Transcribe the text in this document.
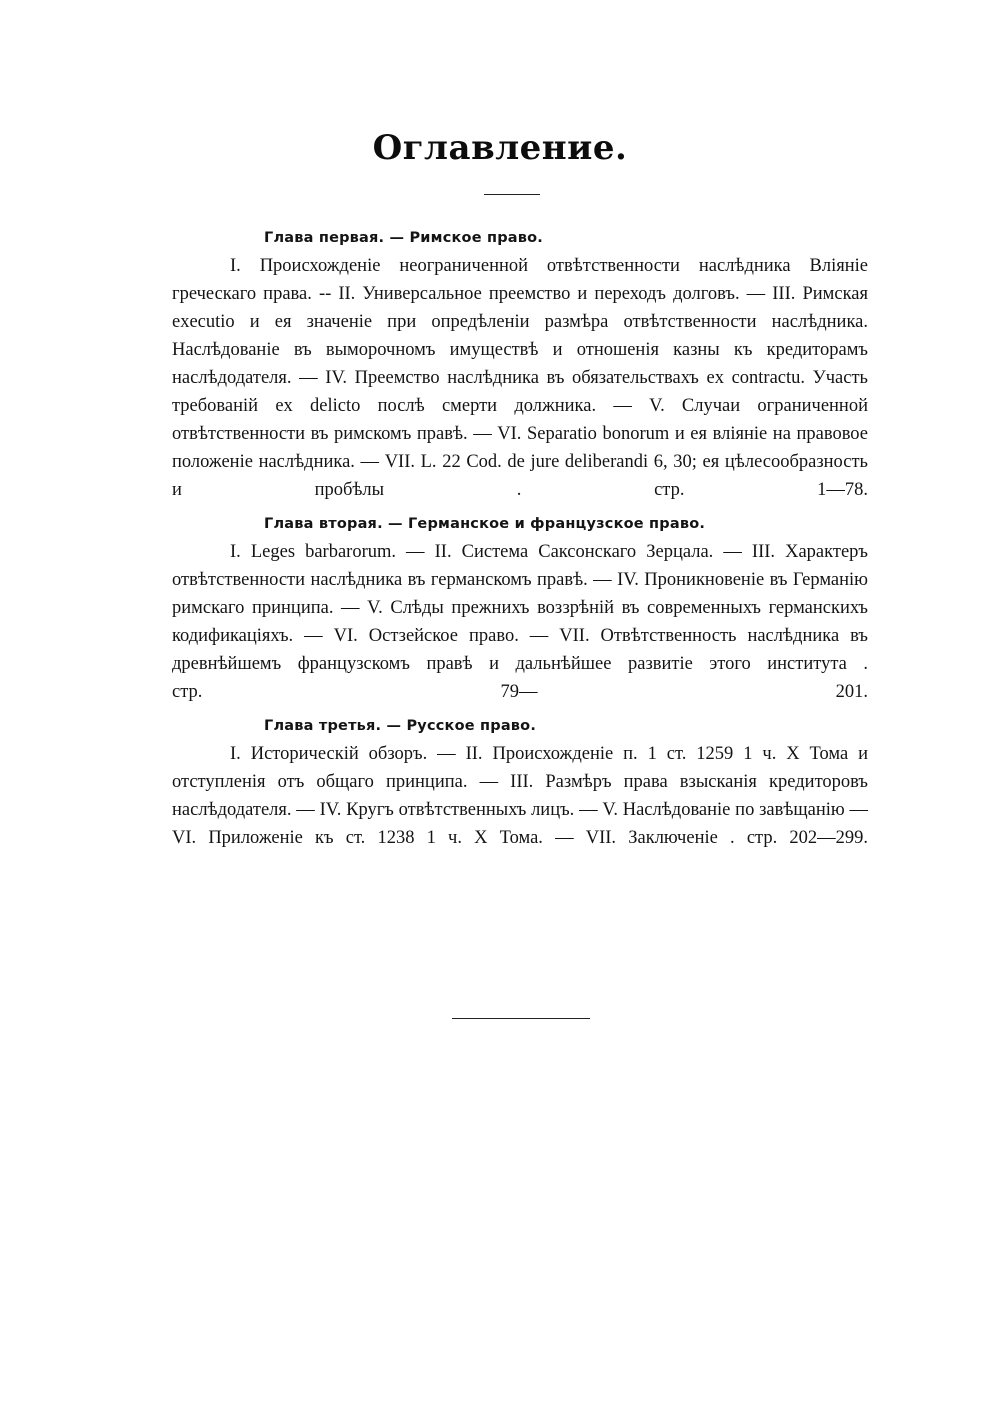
Оглавление.

Глава первая. — Римское право.

I. Происхожденіе неограниченной отвѣтственности наслѣдника Вліяніе греческаго права. -- II. Универсальное преемство и переходъ долговъ. — III. Римская executio и ея значеніе при опредѣленіи размѣра отвѣтственности наслѣдника. Наслѣдованіе въ выморочномъ имуществѣ и отношенія казны къ кредиторамъ наслѣдодателя. — IV. Преемство наслѣдника въ обязательствахъ ex contractu. Участь требованій ex delicto послѣ смерти должника. — V. Случаи ограниченной отвѣтственности въ римскомъ правѣ. — VI. Separatio bonorum и ея вліяніе на правовое положеніе наслѣдника. — VII. L. 22 Cod. de jure deliberandi 6, 30; ея цѣлесообразность и пробѣлы .	стр. 1—78.

Глава вторая. — Германское и французское право.

I. Leges barbarorum. — II. Система Саксонскаго Зерцала. — III. Характеръ отвѣтственности наслѣдника въ германскомъ правѣ. — IV. Проникновеніе въ Германію римскаго принципа. — V. Слѣды прежнихъ воззрѣній въ современныхъ германскихъ кодификаціяхъ. — VI. Остзейское право. — VII. Отвѣтственность наслѣдника въ древнѣйшемъ французскомъ правѣ и дальнѣйшее развитіе этого института . стр. 79— 201.

Глава третья. — Русское право.

I. Историческій обзоръ. — II. Происхожденіе п. 1 ст. 1259 1 ч. X Тома и отступленія отъ общаго принципа. — III. Размѣръ права взысканія кредиторовъ наслѣдодателя. — IV. Кругъ отвѣтственныхъ лицъ. — V. Наслѣдованіе по завѣщанію — VI. Приложеніе къ ст. 1238 1 ч. X Тома. — VII. Заключеніе . стр. 202—299.
